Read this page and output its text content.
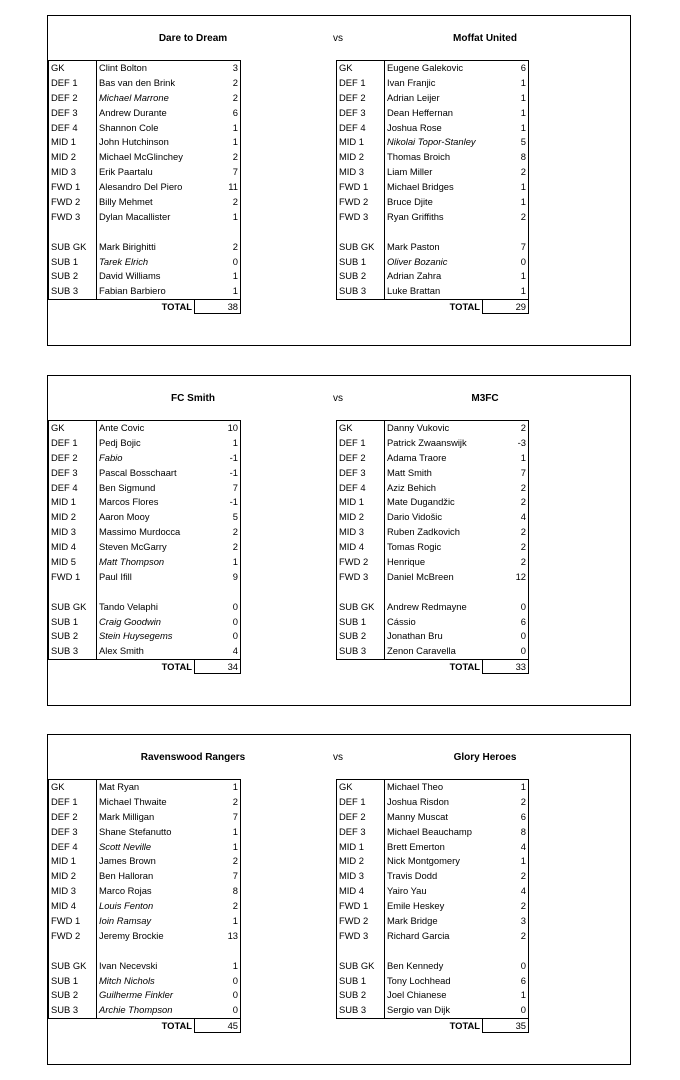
Dare to Dream	vs	Moffat United
GK	Clint Bolton	3
DEF 1	Bas van den Brink	2
DEF 2	Michael Marrone	2
DEF 3	Andrew Durante	6
DEF 4	Shannon Cole	1
MID 1	John Hutchinson	1
MID 2	Michael McGlinchey	2
MID 3	Erik Paartalu	7
FWD 1	Alesandro Del Piero	11
FWD 2	Billy Mehmet	2
FWD 3	Dylan Macallister	1
SUB GK	Mark Birighitti	2
SUB 1	Tarek Elrich	0
SUB 2	David Williams	1
SUB 3	Fabian Barbiero	1
TOTAL	38
GK	Eugene Galekovic	6
DEF 1	Ivan Franjic	1
DEF 2	Adrian Leijer	1
DEF 3	Dean Heffernan	1
DEF 4	Joshua Rose	1
MID 1	Nikolai Topor-Stanley	5
MID 2	Thomas Broich	8
MID 3	Liam Miller	2
FWD 1	Michael Bridges	1
FWD 2	Bruce Djite	1
FWD 3	Ryan Griffiths	2
SUB GK	Mark Paston	7
SUB 1	Oliver Bozanic	0
SUB 2	Adrian Zahra	1
SUB 3	Luke Brattan	1
TOTAL	29
FC Smith	vs	M3FC
GK	Ante Covic	10
DEF 1	Pedj Bojic	1
DEF 2	Fabio	-1
DEF 3	Pascal Bosschaart	-1
DEF 4	Ben Sigmund	7
MID 1	Marcos Flores	-1
MID 2	Aaron Mooy	5
MID 3	Massimo Murdocca	2
MID 4	Steven McGarry	2
MID 5	Matt Thompson	1
FWD 1	Paul Ifill	9
SUB GK	Tando Velaphi	0
SUB 1	Craig Goodwin	0
SUB 2	Stein Huysegems	0
SUB 3	Alex Smith	4
TOTAL	34
GK	Danny Vukovic	2
DEF 1	Patrick Zwaanswijk	-3
DEF 2	Adama Traore	1
DEF 3	Matt Smith	7
DEF 4	Aziz Behich	2
MID 1	Mate Dugandžic	2
MID 2	Dario Vidošic	4
MID 3	Ruben Zadkovich	2
MID 4	Tomas Rogic	2
FWD 2	Henrique	2
FWD 3	Daniel McBreen	12
SUB GK	Andrew Redmayne	0
SUB 1	Cássio	6
SUB 2	Jonathan Bru	0
SUB 3	Zenon Caravella	0
TOTAL	33
Ravenswood Rangers	vs	Glory Heroes
GK	Mat Ryan	1
DEF 1	Michael Thwaite	2
DEF 2	Mark Milligan	7
DEF 3	Shane Stefanutto	1
DEF 4	Scott Neville	1
MID 1	James Brown	2
MID 2	Ben Halloran	7
MID 3	Marco Rojas	8
MID 4	Louis Fenton	2
FWD 1	Ioin Ramsay	1
FWD 2	Jeremy Brockie	13
SUB GK	Ivan Necevski	1
SUB 1	Mitch Nichols	0
SUB 2	Guilherme Finkler	0
SUB 3	Archie Thompson	0
TOTAL	45
GK	Michael Theo	1
DEF 1	Joshua Risdon	2
DEF 2	Manny Muscat	6
DEF 3	Michael Beauchamp	8
MID 1	Brett Emerton	4
MID 2	Nick Montgomery	1
MID 3	Travis Dodd	2
MID 4	Yairo Yau	4
FWD 1	Emile Heskey	2
FWD 2	Mark Bridge	3
FWD 3	Richard Garcia	2
SUB GK	Ben Kennedy	0
SUB 1	Tony Lochhead	6
SUB 2	Joel Chianese	1
SUB 3	Sergio van Dijk	0
TOTAL	35
